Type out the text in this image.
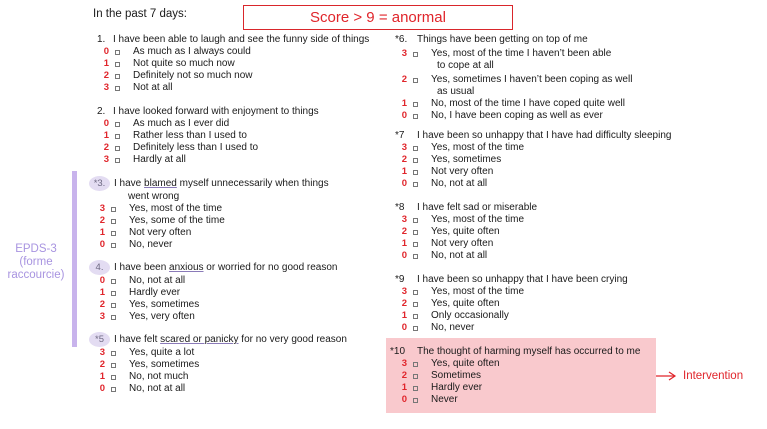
In the past 7 days:	Score > 9 = anormal
EPDS-3
(forme
raccourcie)
Intervention
1. I have been able to laugh and see the funny side of things
0 As much as I always could
1 Not quite so much now
2 Definitely not so much now
3 Not at all
2. I have looked forward with enjoyment to things
0 As much as I ever did
1 Rather less than I used to
2 Definitely less than I used to
3 Hardly at all
*3. I have blamed myself unnecessarily when things
went wrong
3 Yes, most of the time
2 Yes, some of the time
1 Not very often
0 No, never
4.	I have been anxious or worried for no good reason
0 No, not at all
1 Hardly ever
2 Yes, sometimes
3 Yes, very often
*5	I have felt scared or panicky for no very good reason
3 Yes, quite a lot
2 Yes, sometimes
1 No, not much
0 No, not at all
*6. Things have been getting on top of me
3 Yes, most of the time I haven’t been able
to cope at all
2 Yes, sometimes I haven’t been coping as well
as usual
1 No, most of the time I have coped quite well
0 No, I have been coping as well as ever
*7	I have been so unhappy that I have had difficulty sleeping
3 Yes, most of the time
2 Yes, sometimes
1 Not very often
0 No, not at all
*8	I have felt sad or miserable
3 Yes, most of the time
2 Yes, quite often
1 Not very often
0 No, not at all
*9	I have been so unhappy that I have been crying
3 Yes, most of the time
2 Yes, quite often
1 Only occasionally
0 No, never
*10	The thought of harming myself has occurred to me
3 Yes, quite often
2 Sometimes
1 Hardly ever
0 Never
